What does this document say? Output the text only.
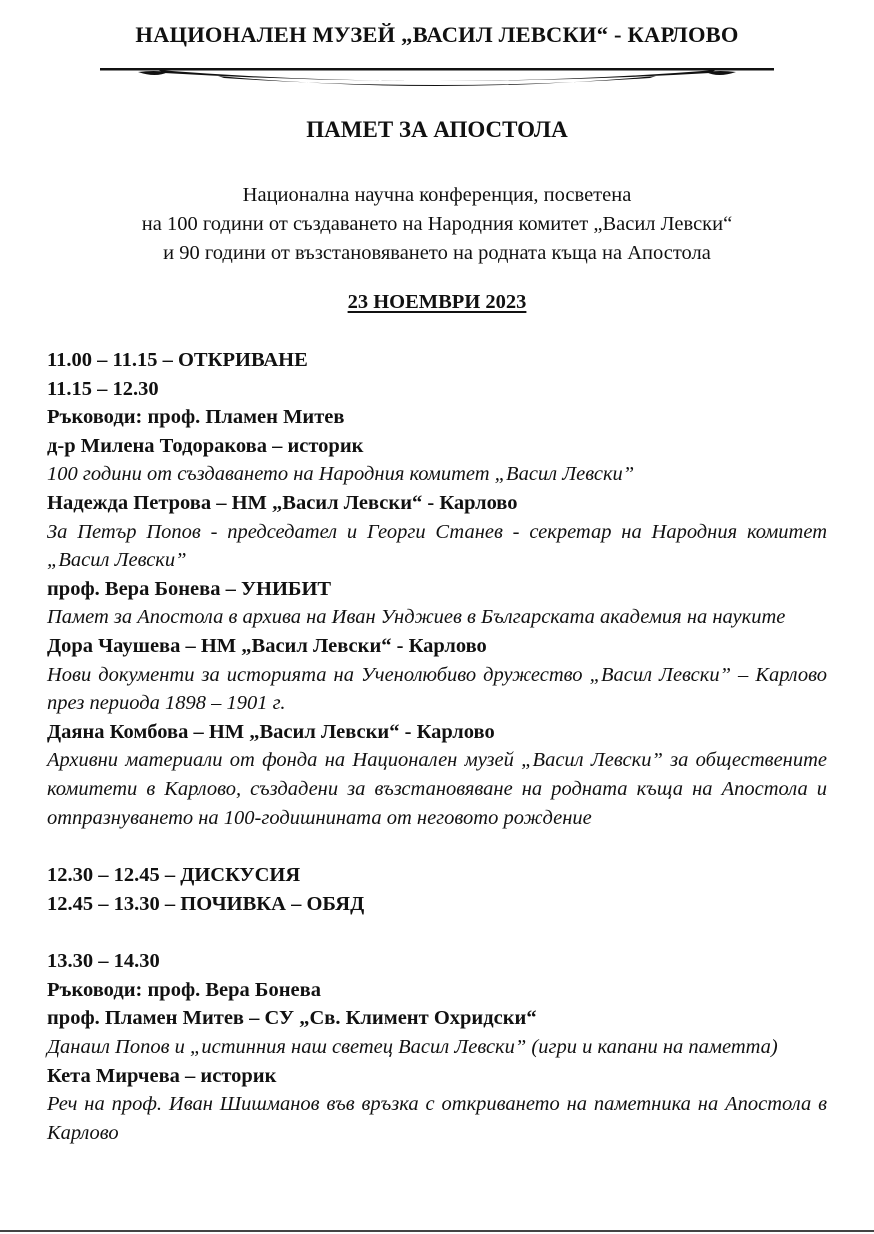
НАЦИОНАЛЕН МУЗЕЙ „ВАСИЛ ЛЕВСКИ“ - КАРЛОВО
ПАМЕТ ЗА АПОСТОЛА
Национална научна конференция, посветена
на 100 години от създаването на Народния комитет „Васил Левски“
и 90 години от възстановяването на родната къща на Апостола
23 НОЕМВРИ 2023
11.00 – 11.15 – ОТКРИВАНЕ
11.15 – 12.30
Ръководи: проф. Пламен Митев
д-р Милена Тодоракова – историк
100 години от създаването на Народния комитет „Васил Левски”
Надежда Петрова – НМ „Васил Левски“ - Карлово
За Петър Попов - председател и Георги Станев - секретар на Народния комитет „Васил Левски”
проф. Вера Бонева – УНИБИТ
Памет за Апостола в архива на Иван Унджиев в Българската академия на науките
Дора Чаушева – НМ „Васил Левски“ - Карлово
Нови документи за историята на Ученолюбиво дружество „Васил Левски” – Карлово през периода 1898 – 1901 г.
Даяна Комбова – НМ „Васил Левски“ - Карлово
Архивни материали от фонда на Национален музей „Васил Левски” за обществените комитети в Карлово, създадени за възстановяване на родната къща на Апостола и отпразнуването на 100-годишнината от неговото рождение
12.30 – 12.45 – ДИСКУСИЯ
12.45 – 13.30 – ПОЧИВКА – ОБЯД
13.30 – 14.30
Ръководи: проф. Вера Бонева
проф. Пламен Митев – СУ „Св. Климент Охридски“
Данаил Попов и „истинния наш светец Васил Левски” (игри и капани на паметта)
Кета Мирчева – историк
Реч на проф. Иван Шишманов във връзка с откриването на паметника на Апостола в Карлово
